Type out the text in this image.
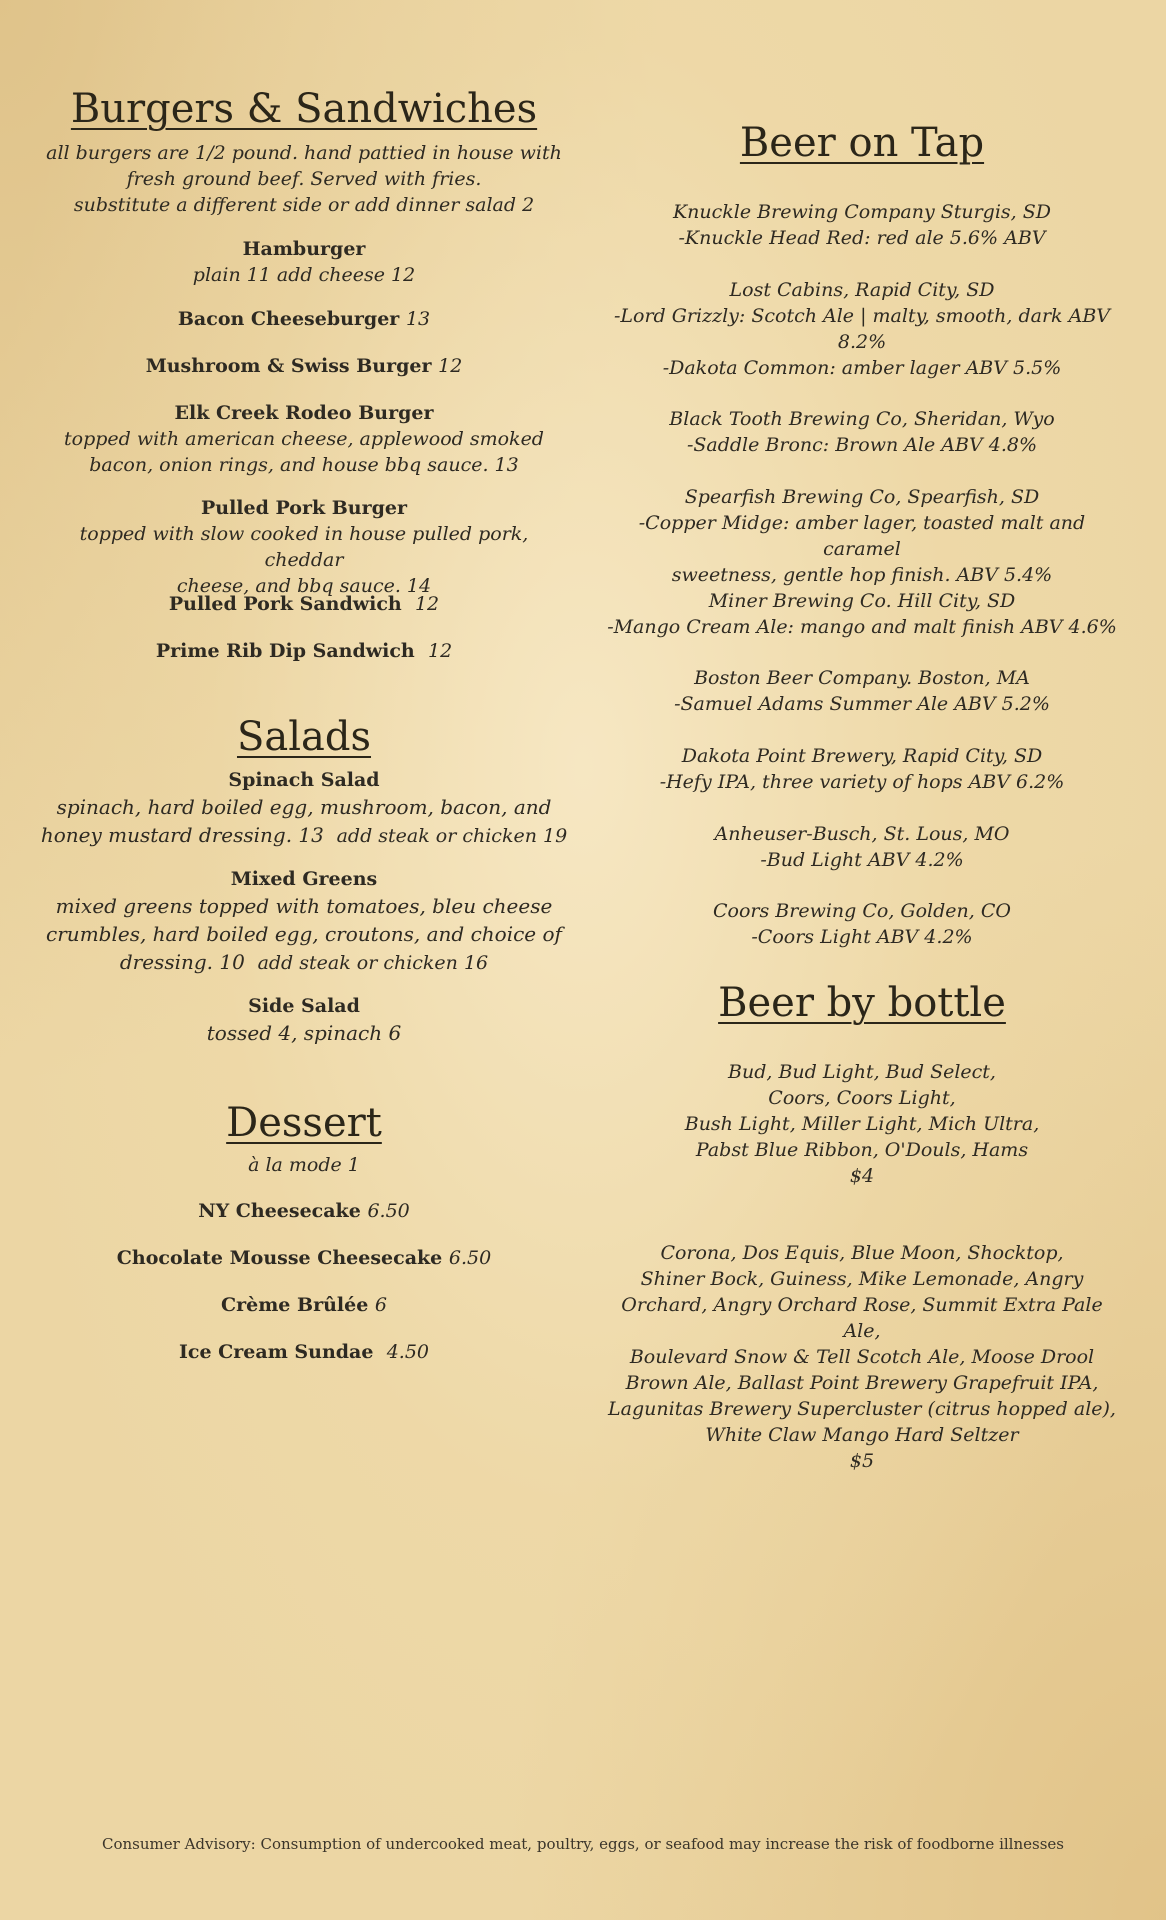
Burgers & Sandwiches

all burgers are 1/2 pound. hand pattied in house with

fresh ground beef. Served with fries.

substitute a different side or add dinner salad 2

Hamburger

plain 11 add cheese 12

Bacon Cheeseburger 13

Mushroom & Swiss Burger 12

Elk Creek Rodeo Burger

topped with american cheese, applewood smoked

bacon, onion rings, and house bbq sauce. 13

Pulled Pork Burger

topped with slow cooked in house pulled pork, cheddar

cheese, and bbq sauce. 14

Pulled Pork Sandwich 12

Prime Rib Dip Sandwich 12

Salads

Spinach Salad

spinach, hard boiled egg, mushroom, bacon, and

honey mustard dressing. 13 add steak or chicken 19

Mixed Greens

mixed greens topped with tomatoes, bleu cheese

crumbles, hard boiled egg, croutons, and choice of

dressing. 10 add steak or chicken 16

Side Salad

tossed 4, spinach 6

Dessert

à la mode 1

NY Cheesecake 6.50

Chocolate Mousse Cheesecake 6.50

Crème Brûlée 6

Ice Cream Sundae 4.50

Beer on Tap

Knuckle Brewing Company Sturgis, SD

-Knuckle Head Red: red ale 5.6% ABV

Lost Cabins, Rapid City, SD

-Lord Grizzly: Scotch Ale | malty, smooth, dark ABV

8.2%

-Dakota Common: amber lager ABV 5.5%

Black Tooth Brewing Co, Sheridan, Wyo

-Saddle Bronc: Brown Ale ABV 4.8%

Spearfish Brewing Co, Spearfish, SD

-Copper Midge: amber lager, toasted malt and caramel

sweetness, gentle hop finish. ABV 5.4%

Miner Brewing Co. Hill City, SD

-Mango Cream Ale: mango and malt finish ABV 4.6%

Boston Beer Company. Boston, MA

-Samuel Adams Summer Ale ABV 5.2%

Dakota Point Brewery, Rapid City, SD

-Hefy IPA, three variety of hops ABV 6.2%

Anheuser-Busch, St. Lous, MO

-Bud Light ABV 4.2%

Coors Brewing Co, Golden, CO

-Coors Light ABV 4.2%

Beer by bottle

Bud, Bud Light, Bud Select,

Coors, Coors Light,

Bush Light, Miller Light, Mich Ultra,

Pabst Blue Ribbon, O'Douls, Hams

$4

Corona, Dos Equis, Blue Moon, Shocktop,

Shiner Bock, Guiness, Mike Lemonade, Angry

Orchard, Angry Orchard Rose, Summit Extra Pale Ale,

Boulevard Snow & Tell Scotch Ale, Moose Drool

Brown Ale, Ballast Point Brewery Grapefruit IPA,

Lagunitas Brewery Supercluster (citrus hopped ale),

White Claw Mango Hard Seltzer

$5

Consumer Advisory: Consumption of undercooked meat, poultry, eggs, or seafood may increase the risk of foodborne illnesses
